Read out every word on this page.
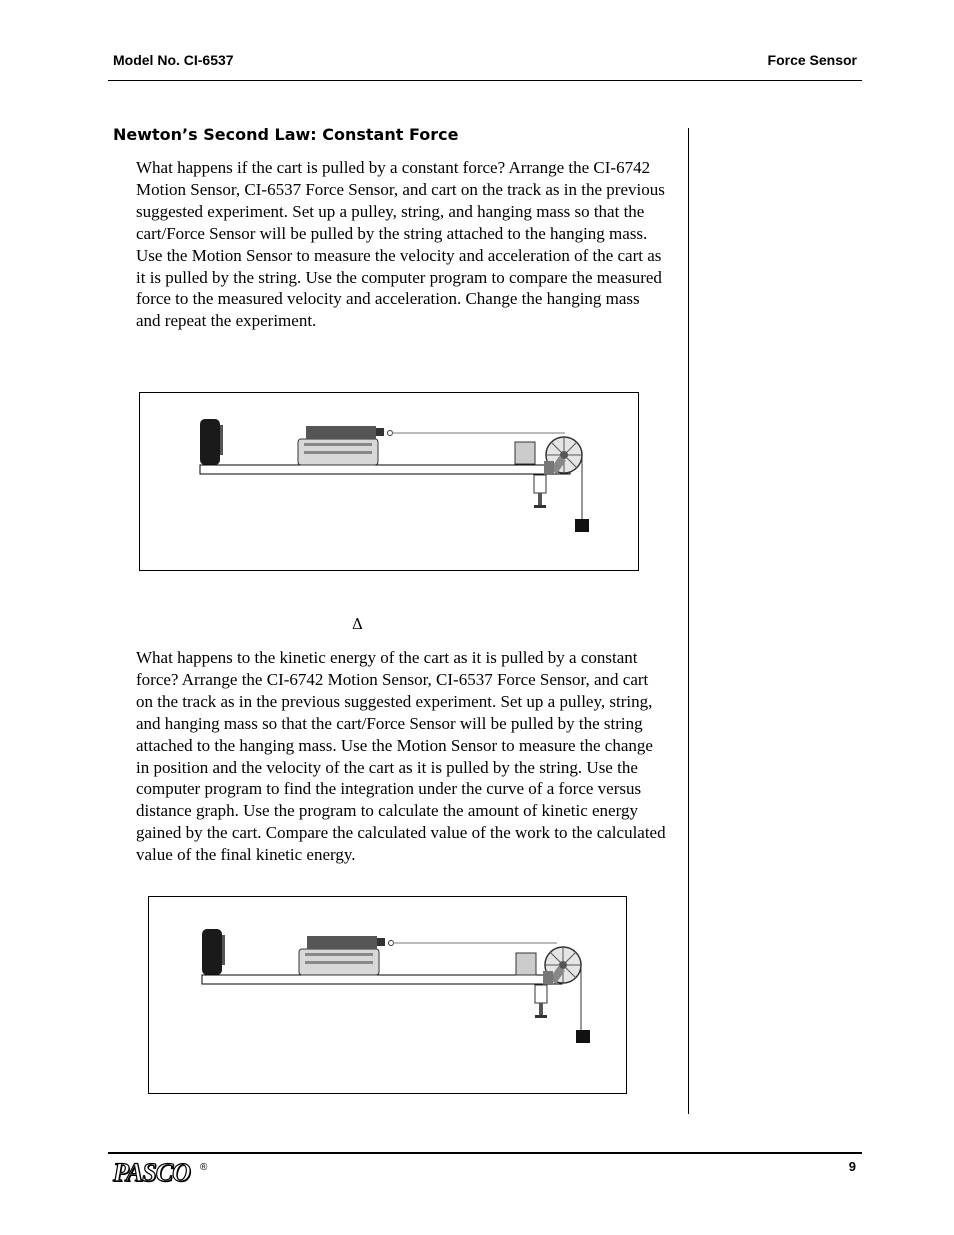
Model No. CI-6537	Force Sensor
Newton’s Second Law: Constant Force

What happens if the cart is pulled by a constant force? Arrange the CI-6742 Motion Sensor, CI-6537 Force Sensor, and cart on the track as in the previous suggested experiment. Set up a pulley, string, and hanging mass so that the cart/Force Sensor will be pulled by the string attached to the hanging mass. Use the Motion Sensor to measure the velocity and acceleration of the cart as it is pulled by the string. Use the computer program to compare the measured force to the measured velocity and acceleration. Change the hanging mass and repeat the experiment.

Δ

What happens to the kinetic energy of the cart as it is pulled by a constant force? Arrange the CI-6742 Motion Sensor, CI-6537 Force Sensor, and cart on the track as in the previous suggested experiment. Set up a pulley, string, and hanging mass so that the cart/Force Sensor will be pulled by the string attached to the hanging mass. Use the Motion Sensor to measure the change in position and the velocity of the cart as it is pulled by the string. Use the computer program to find the integration under the curve of a force versus distance graph. Use the program to calculate the amount of kinetic energy gained by the cart. Compare the calculated value of the work to the calculated value of the final kinetic energy.

PASCO ®	9
